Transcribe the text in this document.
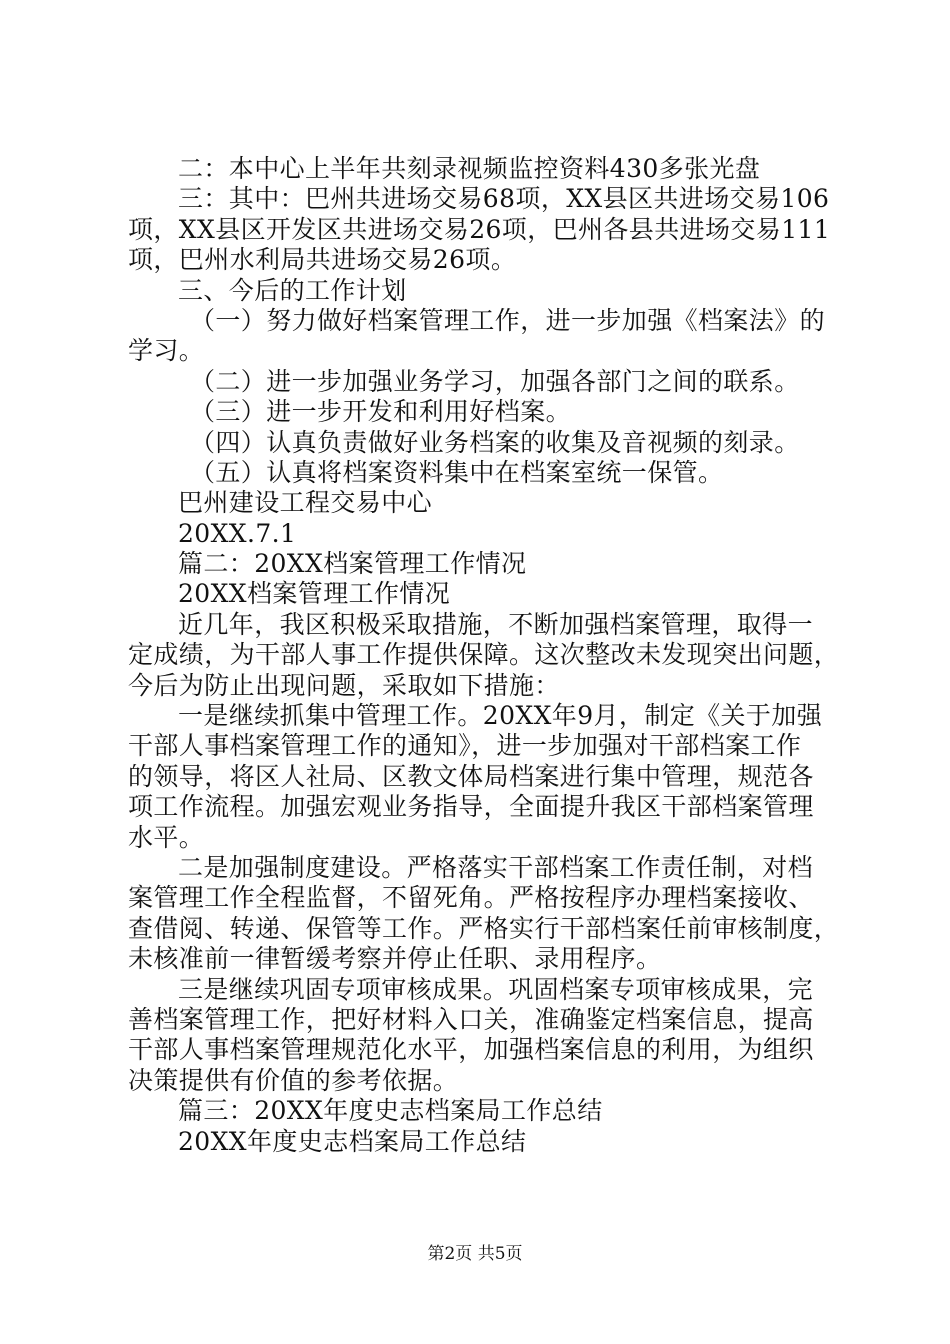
二：本中心上半年共刻录视频监控资料430多张光盘
三：其中：巴州共进场交易68项，XX县区共进场交易106
项，XX县区开发区共进场交易26项，巴州各县共进场交易111
项，巴州水利局共进场交易26项。
三、今后的工作计划
（一）努力做好档案管理工作，进一步加强《档案法》的
学习。
（二）进一步加强业务学习，加强各部门之间的联系。
（三）进一步开发和利用好档案。
（四）认真负责做好业务档案的收集及音视频的刻录。
（五）认真将档案资料集中在档案室统一保管。
巴州建设工程交易中心
20XX.7.1
篇二：20XX档案管理工作情况
20XX档案管理工作情况
近几年，我区积极采取措施，不断加强档案管理，取得一
定成绩，为干部人事工作提供保障。这次整改未发现突出问题，
今后为防止出现问题，采取如下措施：
一是继续抓集中管理工作。20XX年9月，制定《关于加强
干部人事档案管理工作的通知》，进一步加强对干部档案工作
的领导，将区人社局、区教文体局档案进行集中管理，规范各
项工作流程。加强宏观业务指导，全面提升我区干部档案管理
水平。
二是加强制度建设。严格落实干部档案工作责任制，对档
案管理工作全程监督，不留死角。严格按程序办理档案接收、
查借阅、转递、保管等工作。严格实行干部档案任前审核制度，
未核准前一律暂缓考察并停止任职、录用程序。
三是继续巩固专项审核成果。巩固档案专项审核成果，完
善档案管理工作，把好材料入口关，准确鉴定档案信息，提高
干部人事档案管理规范化水平，加强档案信息的利用，为组织
决策提供有价值的参考依据。
篇三：20XX年度史志档案局工作总结
20XX年度史志档案局工作总结
第2页 共5页
